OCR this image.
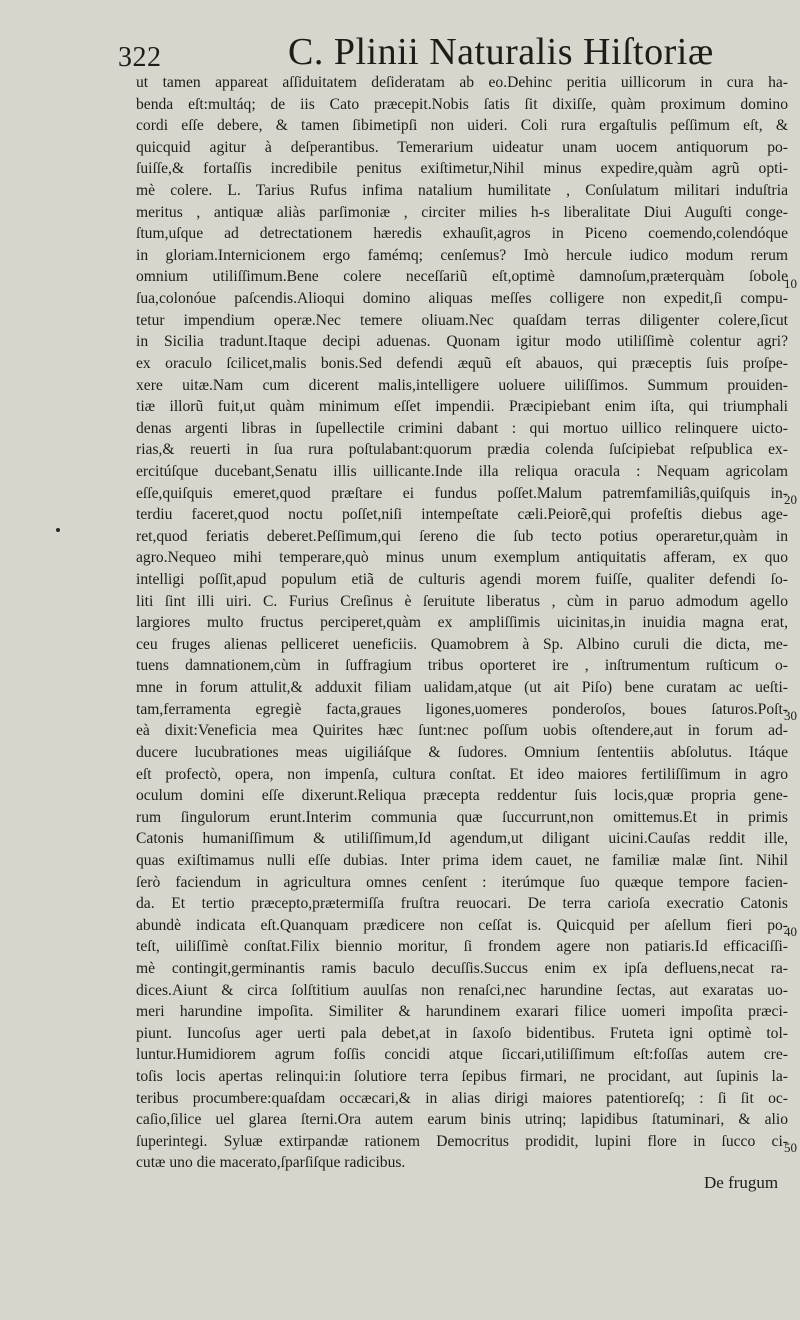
322	C. Plinii Naturalis Hiſtoriæ
ut tamen appareat aſſiduitatem deſideratam ab eo.Dehinc peritia uillicorum in cura ha-
benda eſt:multáq; de iis Cato præcepit.Nobis ſatis ſit dixiſſe, quàm proximum domino
cordi eſſe debere, & tamen ſibimetipſi non uideri. Coli rura ergaſtulis peſſimum eſt, &
quicquid agitur à deſperantibus. Temerarium uideatur unam uocem antiquorum po-
ſuiſſe,& fortaſſis incredibile penitus exiſtimetur,Nihil minus expedire,quàm agrũ opti-
mè colere. L. Tarius Rufus infima natalium humilitate , Conſulatum militari induſtria
meritus , antiquæ aliàs parſimoniæ , circiter milies h-s liberalitate Diui Auguſti conge-
ſtum,uſque ad detrectationem hæredis exhauſit,agros in Piceno coemendo,colendóque
in gloriam.Internicionem ergo famémq; cenſemus? Imò hercule iudico modum rerum
omnium utiliſſimum.Bene colere neceſſariũ eſt,optimè damnoſum,præterquàm ſobole
ſua,colonóue paſcendis.Alioqui domino aliquas meſſes colligere non expedit,ſi compu-
tetur impendium operæ.Nec temere oliuam.Nec quaſdam terras diligenter colere,ſicut
in Sicilia tradunt.Itaque decipi aduenas. Quonam igitur modo utiliſſimè colentur agri?
ex oraculo ſcilicet,malis bonis.Sed defendi æquũ eſt abauos, qui præceptis ſuis proſpe-
xere uitæ.Nam cum dicerent malis,intelligere uoluere uiliſſimos. Summum prouiden-
tiæ illorũ fuit,ut quàm minimum eſſet impendii. Præcipiebant enim iſta, qui triumphali
denas argenti libras in ſupellectile crimini dabant : qui mortuo uillico relinquere uicto-
rias,& reuerti in ſua rura poſtulabant:quorum prædia colenda ſuſcipiebat reſpublica ex-
ercitúſque ducebant,Senatu illis uillicante.Inde illa reliqua oracula : Nequam agricolam
eſſe,quiſquis emeret,quod præſtare ei fundus poſſet.Malum patremfamiliâs,quiſquis in-
terdiu faceret,quod noctu poſſet,niſi intempeſtate cæli.Peiorẽ,qui profeſtis diebus age-
ret,quod feriatis deberet.Peſſimum,qui ſereno die ſub tecto potius operaretur,quàm in
agro.Nequeo mihi temperare,quò minus unum exemplum antiquitatis afferam, ex quo
intelligi poſſit,apud populum etiã de culturis agendi morem fuiſſe, qualiter defendi ſo-
liti ſint illi uiri. C. Furius Creſinus è ſeruitute liberatus , cùm in paruo admodum agello
largiores multo fructus perciperet,quàm ex ampliſſimis uicinitas,in inuidia magna erat,
ceu fruges alienas pelliceret ueneficiis. Quamobrem à Sp. Albino curuli die dicta, me-
tuens damnationem,cùm in ſuffragium tribus oporteret ire , inſtrumentum ruſticum o-
mne in forum attulit,& adduxit filiam ualidam,atque (ut ait Piſo) bene curatam ac ueſti-
tam,ferramenta egregiè facta,graues ligones,uomeres ponderoſos, boues ſaturos.Poſt-
eà dixit:Veneficia mea Quirites hæc ſunt:nec poſſum uobis oſtendere,aut in forum ad-
ducere lucubrationes meas uigiliáſque & ſudores. Omnium ſententiis abſolutus. Itáque
eſt profectò, opera, non impenſa, cultura conſtat. Et ideo maiores fertiliſſimum in agro
oculum domini eſſe dixerunt.Reliqua præcepta reddentur ſuis locis,quæ propria gene-
rum ſingulorum erunt.Interim communia quæ ſuccurrunt,non omittemus.Et in primis
Catonis humaniſſimum & utiliſſimum,Id agendum,ut diligant uicini.Cauſas reddit ille,
quas exiſtimamus nulli eſſe dubias. Inter prima idem cauet, ne familiæ malæ ſint. Nihil
ſerò faciendum in agricultura omnes cenſent : iterúmque ſuo quæque tempore facien-
da. Et tertio præcepto,prætermiſſa fruſtra reuocari. De terra carioſa execratio Catonis
abundè indicata eſt.Quanquam prædicere non ceſſat is. Quicquid per aſellum fieri po-
teſt, uiliſſimè conſtat.Filix biennio moritur, ſi frondem agere non patiaris.Id efficaciſſi-
mè contingit,germinantis ramis baculo decuſſis.Succus enim ex ipſa defluens,necat ra-
dices.Aiunt & circa ſolſtitium auulſas non renaſci,nec harundine ſectas, aut exaratas uo-
meri harundine impoſita. Similiter & harundinem exarari filice uomeri impoſita præci-
piunt. Iuncoſus ager uerti pala debet,at in ſaxoſo bidentibus. Fruteta igni optimè tol-
luntur.Humidiorem agrum foſſis concidi atque ſiccari,utiliſſimum eſt:foſſas autem cre-
toſis locis apertas relinqui:in ſolutiore terra ſepibus firmari, ne procidant, aut ſupinis la-
teribus procumbere:quaſdam occæcari,& in alias dirigi maiores patentioreſq; : ſi ſit oc-
caſio,ſilice uel glarea ſterni.Ora autem earum binis utrinq; lapidibus ſtatuminari, & alio
ſuperintegi. Syluæ extirpandæ rationem Democritus prodidit, lupini flore in ſucco ci-
cutæ uno die macerato,ſparſiſque radicibus.
10
20
30
40
50
De frugum
